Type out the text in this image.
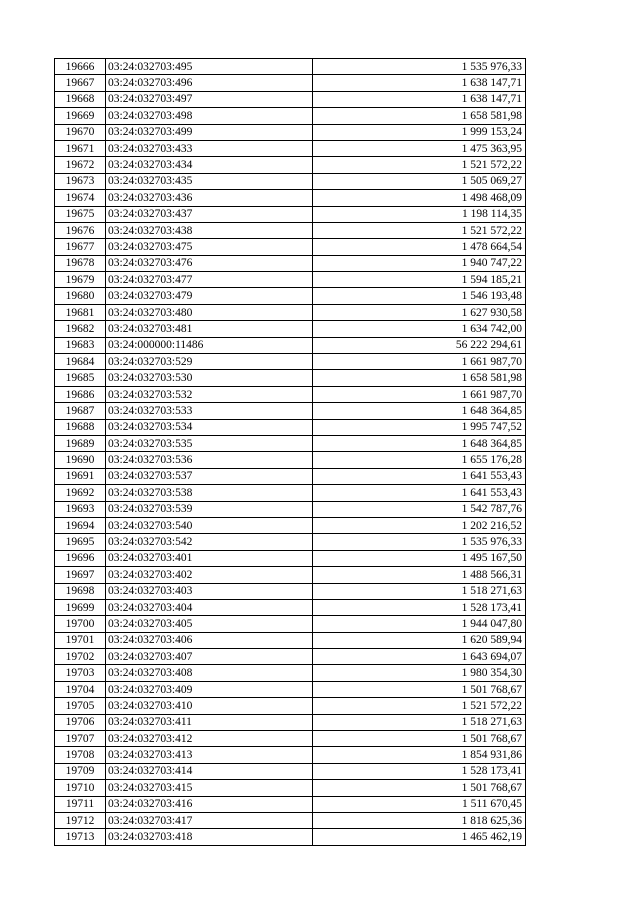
19666	03:24:032703:495	1 535 976,33
19667	03:24:032703:496	1 638 147,71
19668	03:24:032703:497	1 638 147,71
19669	03:24:032703:498	1 658 581,98
19670	03:24:032703:499	1 999 153,24
19671	03:24:032703:433	1 475 363,95
19672	03:24:032703:434	1 521 572,22
19673	03:24:032703:435	1 505 069,27
19674	03:24:032703:436	1 498 468,09
19675	03:24:032703:437	1 198 114,35
19676	03:24:032703:438	1 521 572,22
19677	03:24:032703:475	1 478 664,54
19678	03:24:032703:476	1 940 747,22
19679	03:24:032703:477	1 594 185,21
19680	03:24:032703:479	1 546 193,48
19681	03:24:032703:480	1 627 930,58
19682	03:24:032703:481	1 634 742,00
19683	03:24:000000:11486	56 222 294,61
19684	03:24:032703:529	1 661 987,70
19685	03:24:032703:530	1 658 581,98
19686	03:24:032703:532	1 661 987,70
19687	03:24:032703:533	1 648 364,85
19688	03:24:032703:534	1 995 747,52
19689	03:24:032703:535	1 648 364,85
19690	03:24:032703:536	1 655 176,28
19691	03:24:032703:537	1 641 553,43
19692	03:24:032703:538	1 641 553,43
19693	03:24:032703:539	1 542 787,76
19694	03:24:032703:540	1 202 216,52
19695	03:24:032703:542	1 535 976,33
19696	03:24:032703:401	1 495 167,50
19697	03:24:032703:402	1 488 566,31
19698	03:24:032703:403	1 518 271,63
19699	03:24:032703:404	1 528 173,41
19700	03:24:032703:405	1 944 047,80
19701	03:24:032703:406	1 620 589,94
19702	03:24:032703:407	1 643 694,07
19703	03:24:032703:408	1 980 354,30
19704	03:24:032703:409	1 501 768,67
19705	03:24:032703:410	1 521 572,22
19706	03:24:032703:411	1 518 271,63
19707	03:24:032703:412	1 501 768,67
19708	03:24:032703:413	1 854 931,86
19709	03:24:032703:414	1 528 173,41
19710	03:24:032703:415	1 501 768,67
19711	03:24:032703:416	1 511 670,45
19712	03:24:032703:417	1 818 625,36
19713	03:24:032703:418	1 465 462,19
